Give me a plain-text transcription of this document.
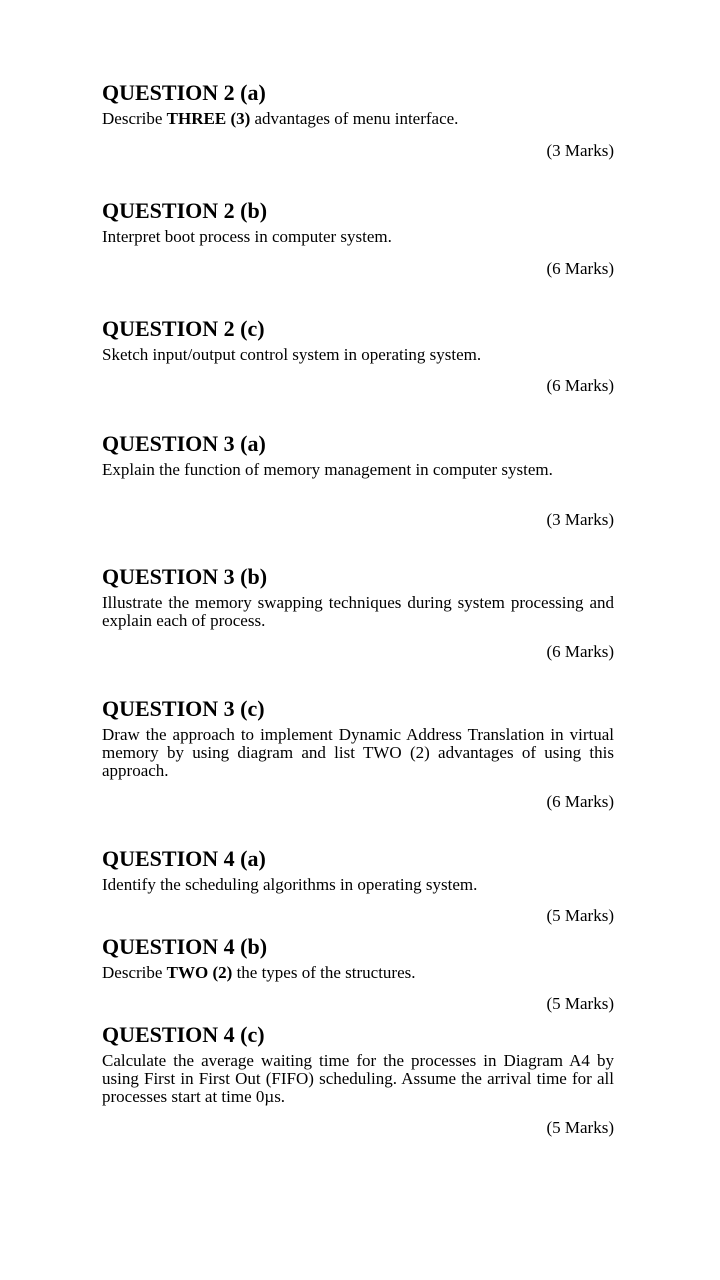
QUESTION 2 (a)

Describe THREE (3) advantages of menu interface.

(3 Marks)

QUESTION 2 (b)

Interpret boot process in computer system.

(6 Marks)

QUESTION 2 (c)

Sketch input/output control system in operating system.

(6 Marks)

QUESTION 3 (a)

Explain the function of memory management in computer system.

(3 Marks)

QUESTION 3 (b)

Illustrate the memory swapping techniques during system processing and explain each of process.

(6 Marks)

QUESTION 3 (c)

Draw the approach to implement Dynamic Address Translation in virtual memory by using diagram and list TWO (2) advantages of using this approach.

(6 Marks)

QUESTION 4 (a)

Identify the scheduling algorithms in operating system.

(5 Marks)

QUESTION 4 (b)

Describe TWO (2) the types of the structures.

(5 Marks)

QUESTION 4 (c)

Calculate the average waiting time for the processes in Diagram A4 by using First in First Out (FIFO) scheduling. Assume the arrival time for all processes start at time 0µs.

(5 Marks)
